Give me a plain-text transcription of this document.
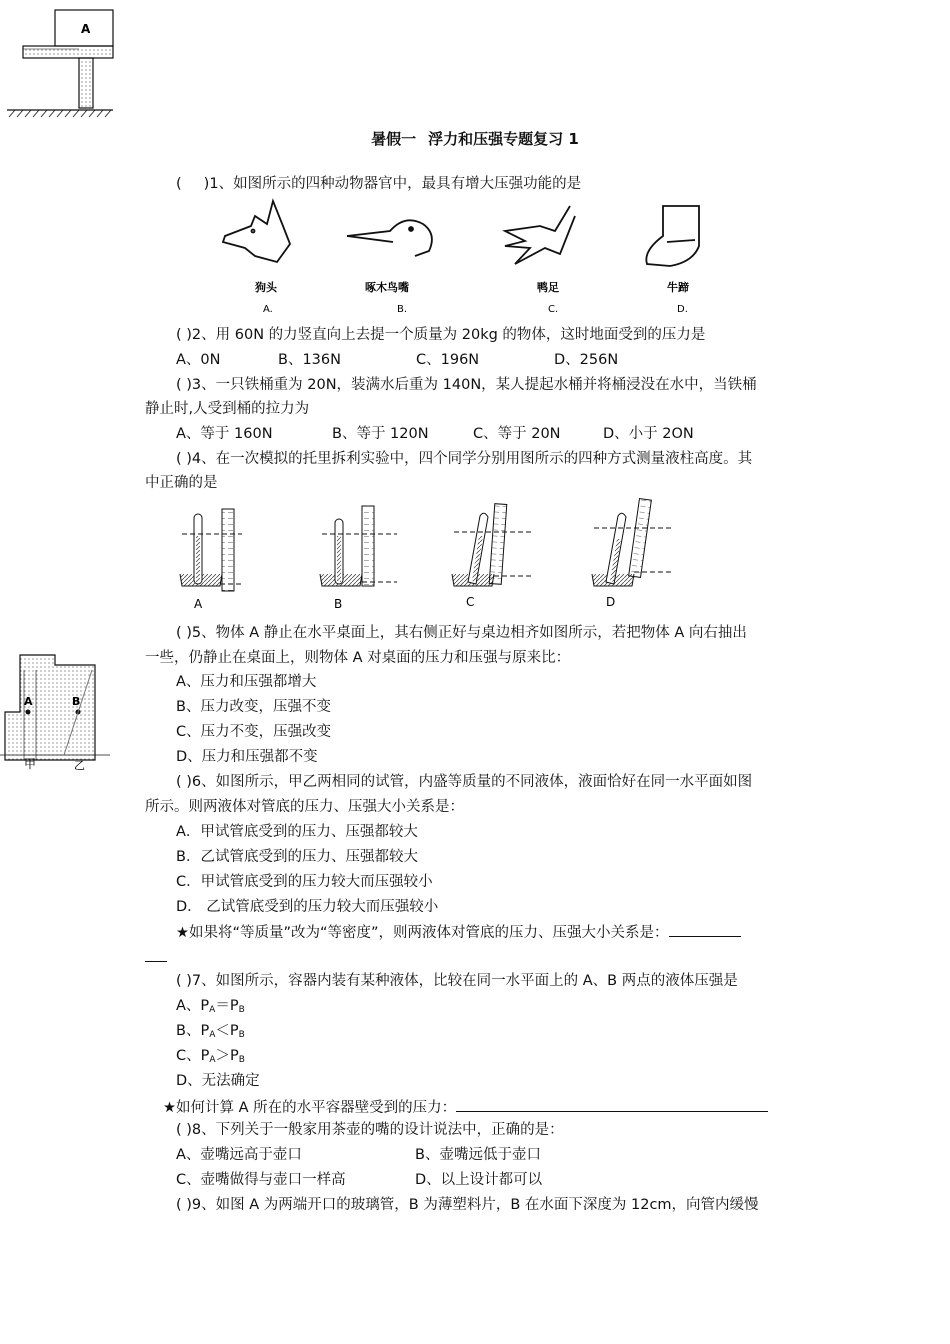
A
暑假一 浮力和压强专题复习 1
( )1、如图所示的四种动物器官中，最具有增大压强功能的是
狗头
A.
啄木鸟嘴
B.
鸭足
C.
牛蹄
D.
( )2、用 60N 的力竖直向上去提一个质量为 20kg 的物体，这时地面受到的压力是
A、0N	B、136N	C、196N	D、256N
( )3、一只铁桶重为 20N，装满水后重为 140N，某人提起水桶并将桶浸没在水中，当铁桶
静止时,人受到桶的拉力为
A、等于 160N	B、等于 120N	C、等于 20N	D、小于 2ON
( )4、在一次模拟的托里拆利实验中，四个同学分别用图所示的四种方式测量液柱高度。其
中正确的是
A	B	C	D
A	B
甲	乙
( )5、物体 A 静止在水平桌面上，其右侧正好与桌边相齐如图所示，若把物体 A 向右抽出
一些，仍静止在桌面上，则物体 A 对桌面的压力和压强与原来比：
A、压力和压强都增大
B、压力改变，压强不变
C、压力不变，压强改变
D、压力和压强都不变
( )6、如图所示，甲乙两相同的试管，内盛等质量的不同液体，液面恰好在同一水平面如图
所示。则两液体对管底的压力、压强大小关系是：
A．甲试管底受到的压力、压强都较大
B．乙试管底受到的压力、压强都较大
C．甲试管底受到的压力较大而压强较小
D． 乙试管底受到的压力较大而压强较小
★如果将“等质量”改为“等密度”，则两液体对管底的压力、压强大小关系是：
( )7、如图所示，容器内装有某种液体，比较在同一水平面上的 A、B 两点的液体压强是
A、$P_A=P_B$
B、$P_A<P_B$
C、$P_A>P_B$
D、无法确定
★如何计算 A 所在的水平容器壁受到的压力：
( )8、下列关于一般家用茶壶的嘴的设计说法中，正确的是：
A、壶嘴远高于壶口	B、壶嘴远低于壶口
C、壶嘴做得与壶口一样高	D、以上设计都可以
( )9、如图 A 为两端开口的玻璃管，B 为薄塑料片，B 在水面下深度为 12cm，向管内缓慢
